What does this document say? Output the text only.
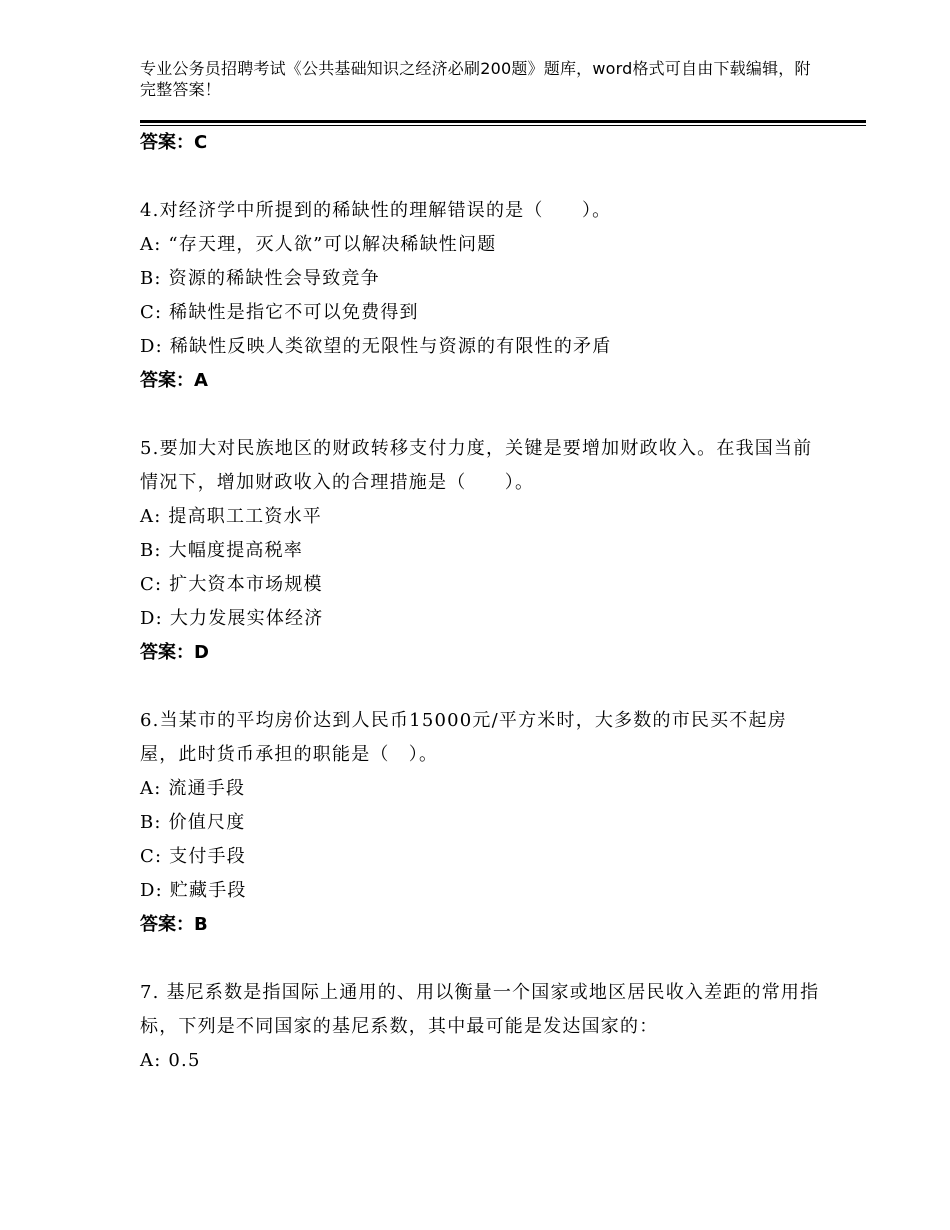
专业公务员招聘考试《公共基础知识之经济必刷200题》题库，word格式可自由下载编辑，附完整答案！
答案：C
4.对经济学中所提到的稀缺性的理解错误的是（　　）。
A: “存天理，灭人欲”可以解决稀缺性问题
B: 资源的稀缺性会导致竞争
C: 稀缺性是指它不可以免费得到
D: 稀缺性反映人类欲望的无限性与资源的有限性的矛盾
答案：A
5.要加大对民族地区的财政转移支付力度，关键是要增加财政收入。在我国当前情况下，增加财政收入的合理措施是（　　）。
A: 提高职工工资水平
B: 大幅度提高税率
C: 扩大资本市场规模
D: 大力发展实体经济
答案：D
6.当某市的平均房价达到人民币15000元/平方米时，大多数的市民买不起房屋，此时货币承担的职能是（　）。
A: 流通手段
B: 价值尺度
C: 支付手段
D: 贮藏手段
答案：B
7. 基尼系数是指国际上通用的、用以衡量一个国家或地区居民收入差距的常用指标，下列是不同国家的基尼系数，其中最可能是发达国家的：
A: 0.5
